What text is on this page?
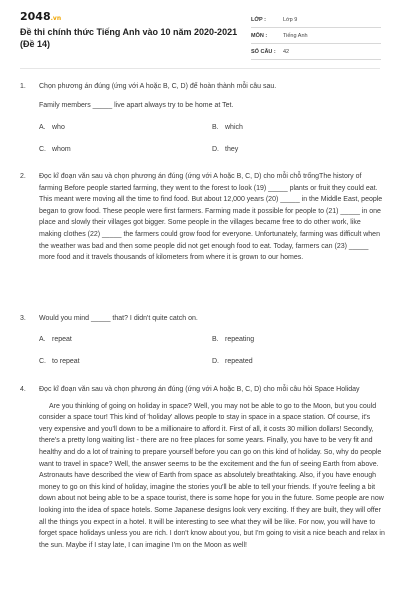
2048.vn
Đề thi chính thức Tiếng Anh vào 10 năm 2020-2021 (Đề 14)
LỚP :	Lớp 9
MÔN :	Tiếng Anh
SỐ CÂU :	42
1.	Chọn phương án đúng (ứng với A hoặc B, C, D) để hoàn thành mỗi câu sau.
Family members _____ live apart always try to be home at Tet.
A. who	B. which
C. whom	D. they
2.	Đọc kĩ đoạn văn sau và chọn phương án đúng (ứng với A hoặc B, C, D) cho mỗi chỗ trốngThe history of farming Before people started farming, they went to the forest to look (19) _____ plants or fruit they could eat. This meant were moving all the time to find food. But about 12,000 years (20) _____ in the Middle East, people began to grow food. These people were first farmers. Farming made it possible for people to (21) _____ in one place and slowly their villages got bigger. Some people in the villages became free to do other work, like making clothes (22) _____ the farmers could grow food for everyone. Unfortunately, farming was difficult when the weather was bad and then some people did not get enough food to eat. Today, farmers can (23) _____ more food and it travels thousands of kilometers from where it is grown to our homes.
3.	Would you mind _____ that? I didn't quite catch on.
A. repeat	B. repeating
C. to repeat	D. repeated
4.	Đọc kĩ đoạn văn sau và chọn phương án đúng (ứng với A hoặc B, C, D) cho mỗi câu hỏi Space Holiday
Are you thinking of going on holiday in space? Well, you may not be able to go to the Moon, but you could consider a space tour! This kind of 'holiday' allows people to stay in space in a space station. Of course, it's very expensive and you'll down to be a millionaire to afford it. First of all, it costs 30 million dollars! Secondly, there's a pretty long waiting list - there are no free places for some years. Finally, you have to be very fit and healthy and do a lot of training to prepare yourself before you can go on this kind of holiday. So, why do people want to travel in space? Well, the answer seems to be the excitement and the fun of seeing Earth from above. Astronauts have described the view of Earth from space as absolutely breathtaking. Also, if you have enough money to go on this kind of holiday, imagine the stories you'll be able to tell your friends. If you're feeling a bit down about not being able to be a space tourist, there is some hope for you in the future. Some people are now looking into the idea of space hotels. Some Japanese designs look very exciting. If they are built, they will offer all the things you expect in a hotel. It will be interesting to see what they will be like. For now, you will have to forget space holidays unless you are rich. I don't know about you, but I'm going to visit a nice beach and relax in the sun. Maybe if I stay late, I can imagine I'm on the Moon as well!
